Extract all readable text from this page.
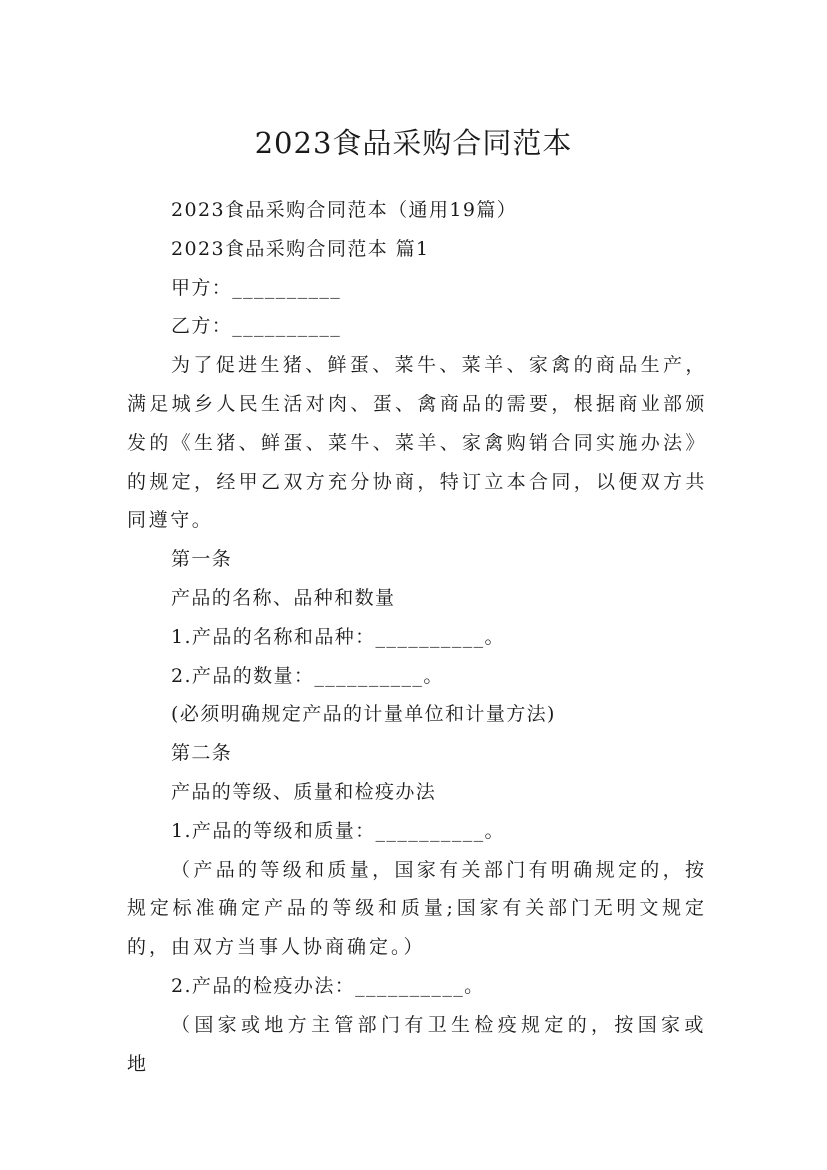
2023食品采购合同范本

2023食品采购合同范本（通用19篇）

2023食品采购合同范本 篇1

甲方：__________

乙方：__________

为了促进生猪、鲜蛋、菜牛、菜羊、家禽的商品生产，满足城乡人民生活对肉、蛋、禽商品的需要，根据商业部颁发的《生猪、鲜蛋、菜牛、菜羊、家禽购销合同实施办法》的规定，经甲乙双方充分协商，特订立本合同，以便双方共同遵守。

第一条

产品的名称、品种和数量

1.产品的名称和品种：__________。

2.产品的数量：__________。

(必须明确规定产品的计量单位和计量方法)

第二条

产品的等级、质量和检疫办法

1.产品的等级和质量：__________。

（产品的等级和质量，国家有关部门有明确规定的，按规定标准确定产品的等级和质量;国家有关部门无明文规定的，由双方当事人协商确定。）

2.产品的检疫办法：__________。

（国家或地方主管部门有卫生检疫规定的，按国家或地
